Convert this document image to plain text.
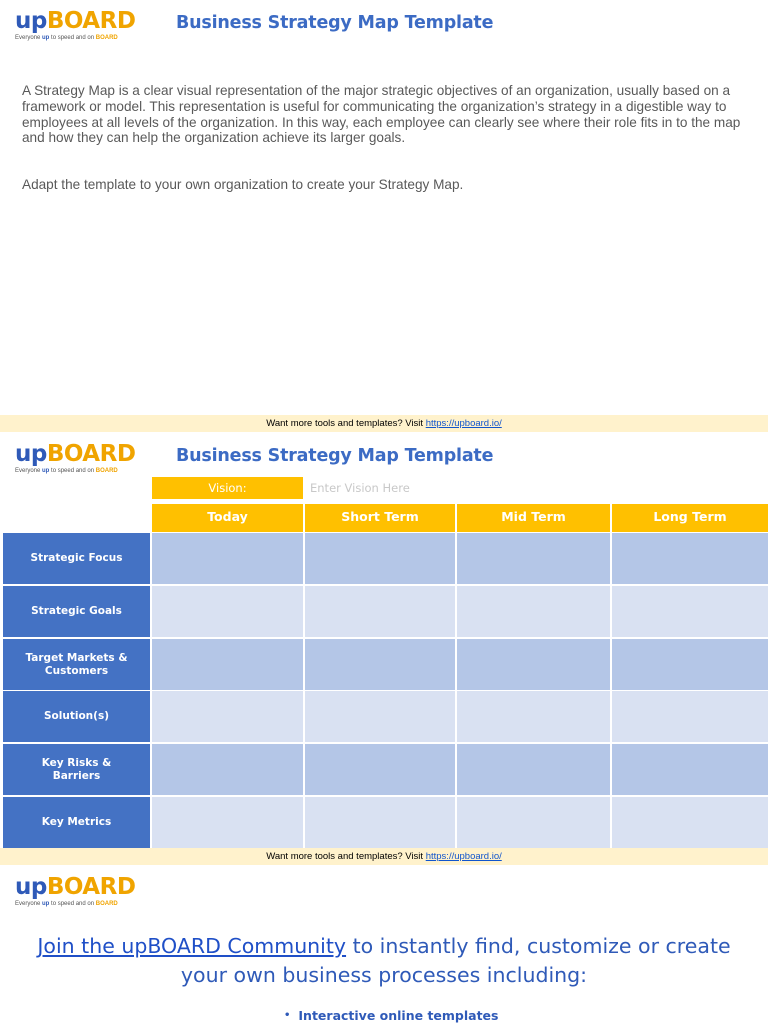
upBOARD
Everyone up to speed and on BOARD
Business Strategy Map Template

A Strategy Map is a clear visual representation of the major strategic objectives of an organization, usually based on a framework or model. This representation is useful for communicating the organization’s strategy in a digestible way to employees at all levels of the organization. In this way, each employee can clearly see where their role fits in to the map and how they can help the organization achieve its larger goals.

Adapt the template to your own organization to create your Strategy Map.

Want more tools and templates? Visit https://upboard.io/
upBOARD
Everyone up to speed and on BOARD
Business Strategy Map Template
Vision:	Enter Vision Here
Today	Short Term	Mid Term	Long Term
Strategic Focus
Strategic Goals
Target Markets & Customers
Solution(s)
Key Risks & Barriers
Key Metrics
Want more tools and templates? Visit https://upboard.io/
upBOARD
Everyone up to speed and on BOARD
Join the upBOARD Community to instantly find, customize or create your own business processes including:
• Interactive online templates
